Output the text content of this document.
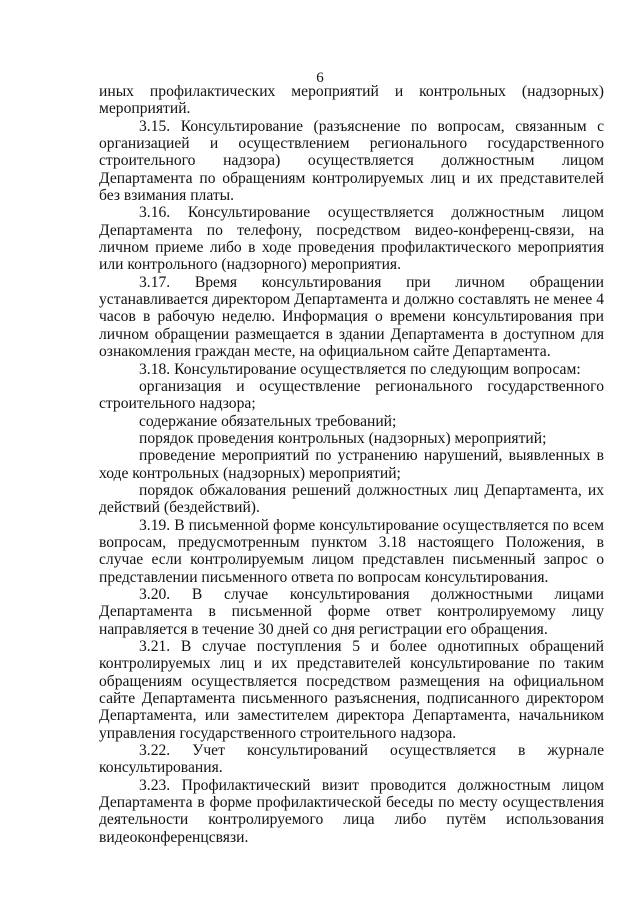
6

иных профилактических мероприятий и контрольных (надзорных) мероприятий.

3.15. Консультирование (разъяснение по вопросам, связанным с организацией и осуществлением регионального государственного строительного надзора) осуществляется должностным лицом Департамента по обращениям контролируемых лиц и их представителей без взимания платы.

3.16. Консультирование осуществляется должностным лицом Департамента по телефону, посредством видео-конференц-связи, на личном приеме либо в ходе проведения профилактического мероприятия или контрольного (надзорного) мероприятия.

3.17. Время консультирования при личном обращении устанавливается директором Департамента и должно составлять не менее 4 часов в рабочую неделю. Информация о времени консультирования при личном обращении размещается в здании Департамента в доступном для ознакомления граждан месте, на официальном сайте Департамента.

3.18. Консультирование осуществляется по следующим вопросам:

организация и осуществление регионального государственного строительного надзора;

содержание обязательных требований;

порядок проведения контрольных (надзорных) мероприятий;

проведение мероприятий по устранению нарушений, выявленных в ходе контрольных (надзорных) мероприятий;

порядок обжалования решений должностных лиц Департамента, их действий (бездействий).

3.19. В письменной форме консультирование осуществляется по всем вопросам, предусмотренным пунктом 3.18 настоящего Положения, в случае если контролируемым лицом представлен письменный запрос о представлении письменного ответа по вопросам консультирования.

3.20. В случае консультирования должностными лицами Департамента в письменной форме ответ контролируемому лицу направляется в течение 30 дней со дня регистрации его обращения.

3.21. В случае поступления 5 и более однотипных обращений контролируемых лиц и их представителей консультирование по таким обращениям осуществляется посредством размещения на официальном сайте Департамента письменного разъяснения, подписанного директором Департамента, или заместителем директора Департамента, начальником управления государственного строительного надзора.

3.22. Учет консультирований осуществляется в журнале консультирования.

3.23. Профилактический визит проводится должностным лицом Департамента в форме профилактической беседы по месту осуществления деятельности контролируемого лица либо путём использования видеоконференцсвязи.
